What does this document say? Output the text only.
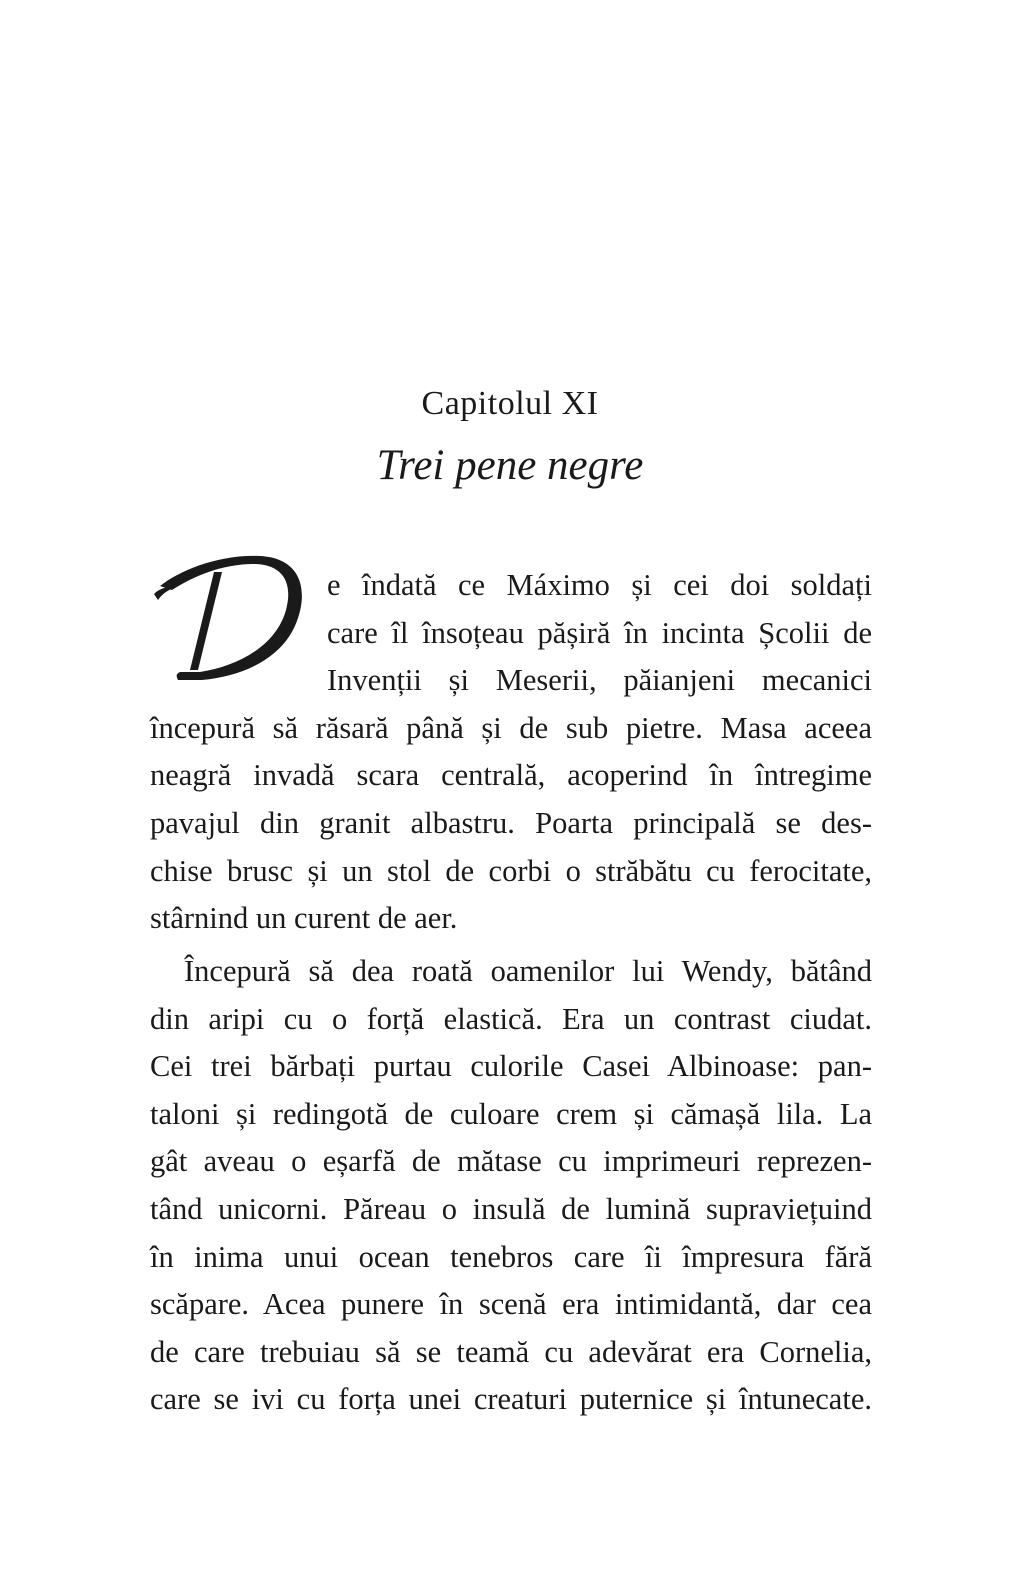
Capitolul XI
Trei pene negre
e îndată ce Máximo și cei doi soldați
care îl însoțeau pășiră în incinta Școlii de
Invenții și Meserii, păianjeni mecanici
începură să răsară până și de sub pietre. Masa aceea
neagră invadă scara centrală, acoperind în întregime
pavajul din granit albastru. Poarta principală se des-
chise brusc și un stol de corbi o străbătu cu ferocitate,
stârnind un curent de aer.
Începură să dea roată oamenilor lui Wendy, bătând
din aripi cu o forță elastică. Era un contrast ciudat.
Cei trei bărbați purtau culorile Casei Albinoase: pan-
taloni și redingotă de culoare crem și cămașă lila. La
gât aveau o eșarfă de mătase cu imprimeuri reprezen-
tând unicorni. Păreau o insulă de lumină supraviețuind
în inima unui ocean tenebros care îi împresura fără
scăpare. Acea punere în scenă era intimidantă, dar cea
de care trebuiau să se teamă cu adevărat era Cornelia,
care se ivi cu forța unei creaturi puternice și întunecate.
